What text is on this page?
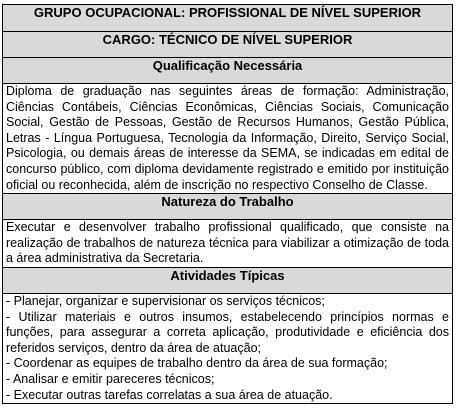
GRUPO OCUPACIONAL: PROFISSIONAL DE NÍVEL SUPERIOR
CARGO: TÉCNICO DE NÍVEL SUPERIOR
Qualificação Necessária
Diploma de graduação nas seguintes áreas de formação: Administração, Ciências Contábeis, Ciências Econômicas, Ciências Sociais, Comunicação Social, Gestão de Pessoas, Gestão de Recursos Humanos, Gestão Pública, Letras - Língua Portuguesa, Tecnologia da Informação, Direito, Serviço Social, Psicologia, ou demais áreas de interesse da SEMA, se indicadas em edital de concurso público, com diploma devidamente registrado e emitido por instituição oficial ou reconhecida, além de inscrição no respectivo Conselho de Classe.
Natureza do Trabalho
Executar e desenvolver trabalho profissional qualificado, que consiste na realização de trabalhos de natureza técnica para viabilizar a otimização de toda a área administrativa da Secretaria.
Atividades Típicas

- Planejar, organizar e supervisionar os serviços técnicos;

- Utilizar materiais e outros insumos, estabelecendo princípios normas e funções, para assegurar a correta aplicação, produtividade e eficiência dos referidos serviços, dentro da área de atuação;

- Coordenar as equipes de trabalho dentro da área de sua formação;

- Analisar e emitir pareceres técnicos;

- Executar outras tarefas correlatas a sua área de atuação.
